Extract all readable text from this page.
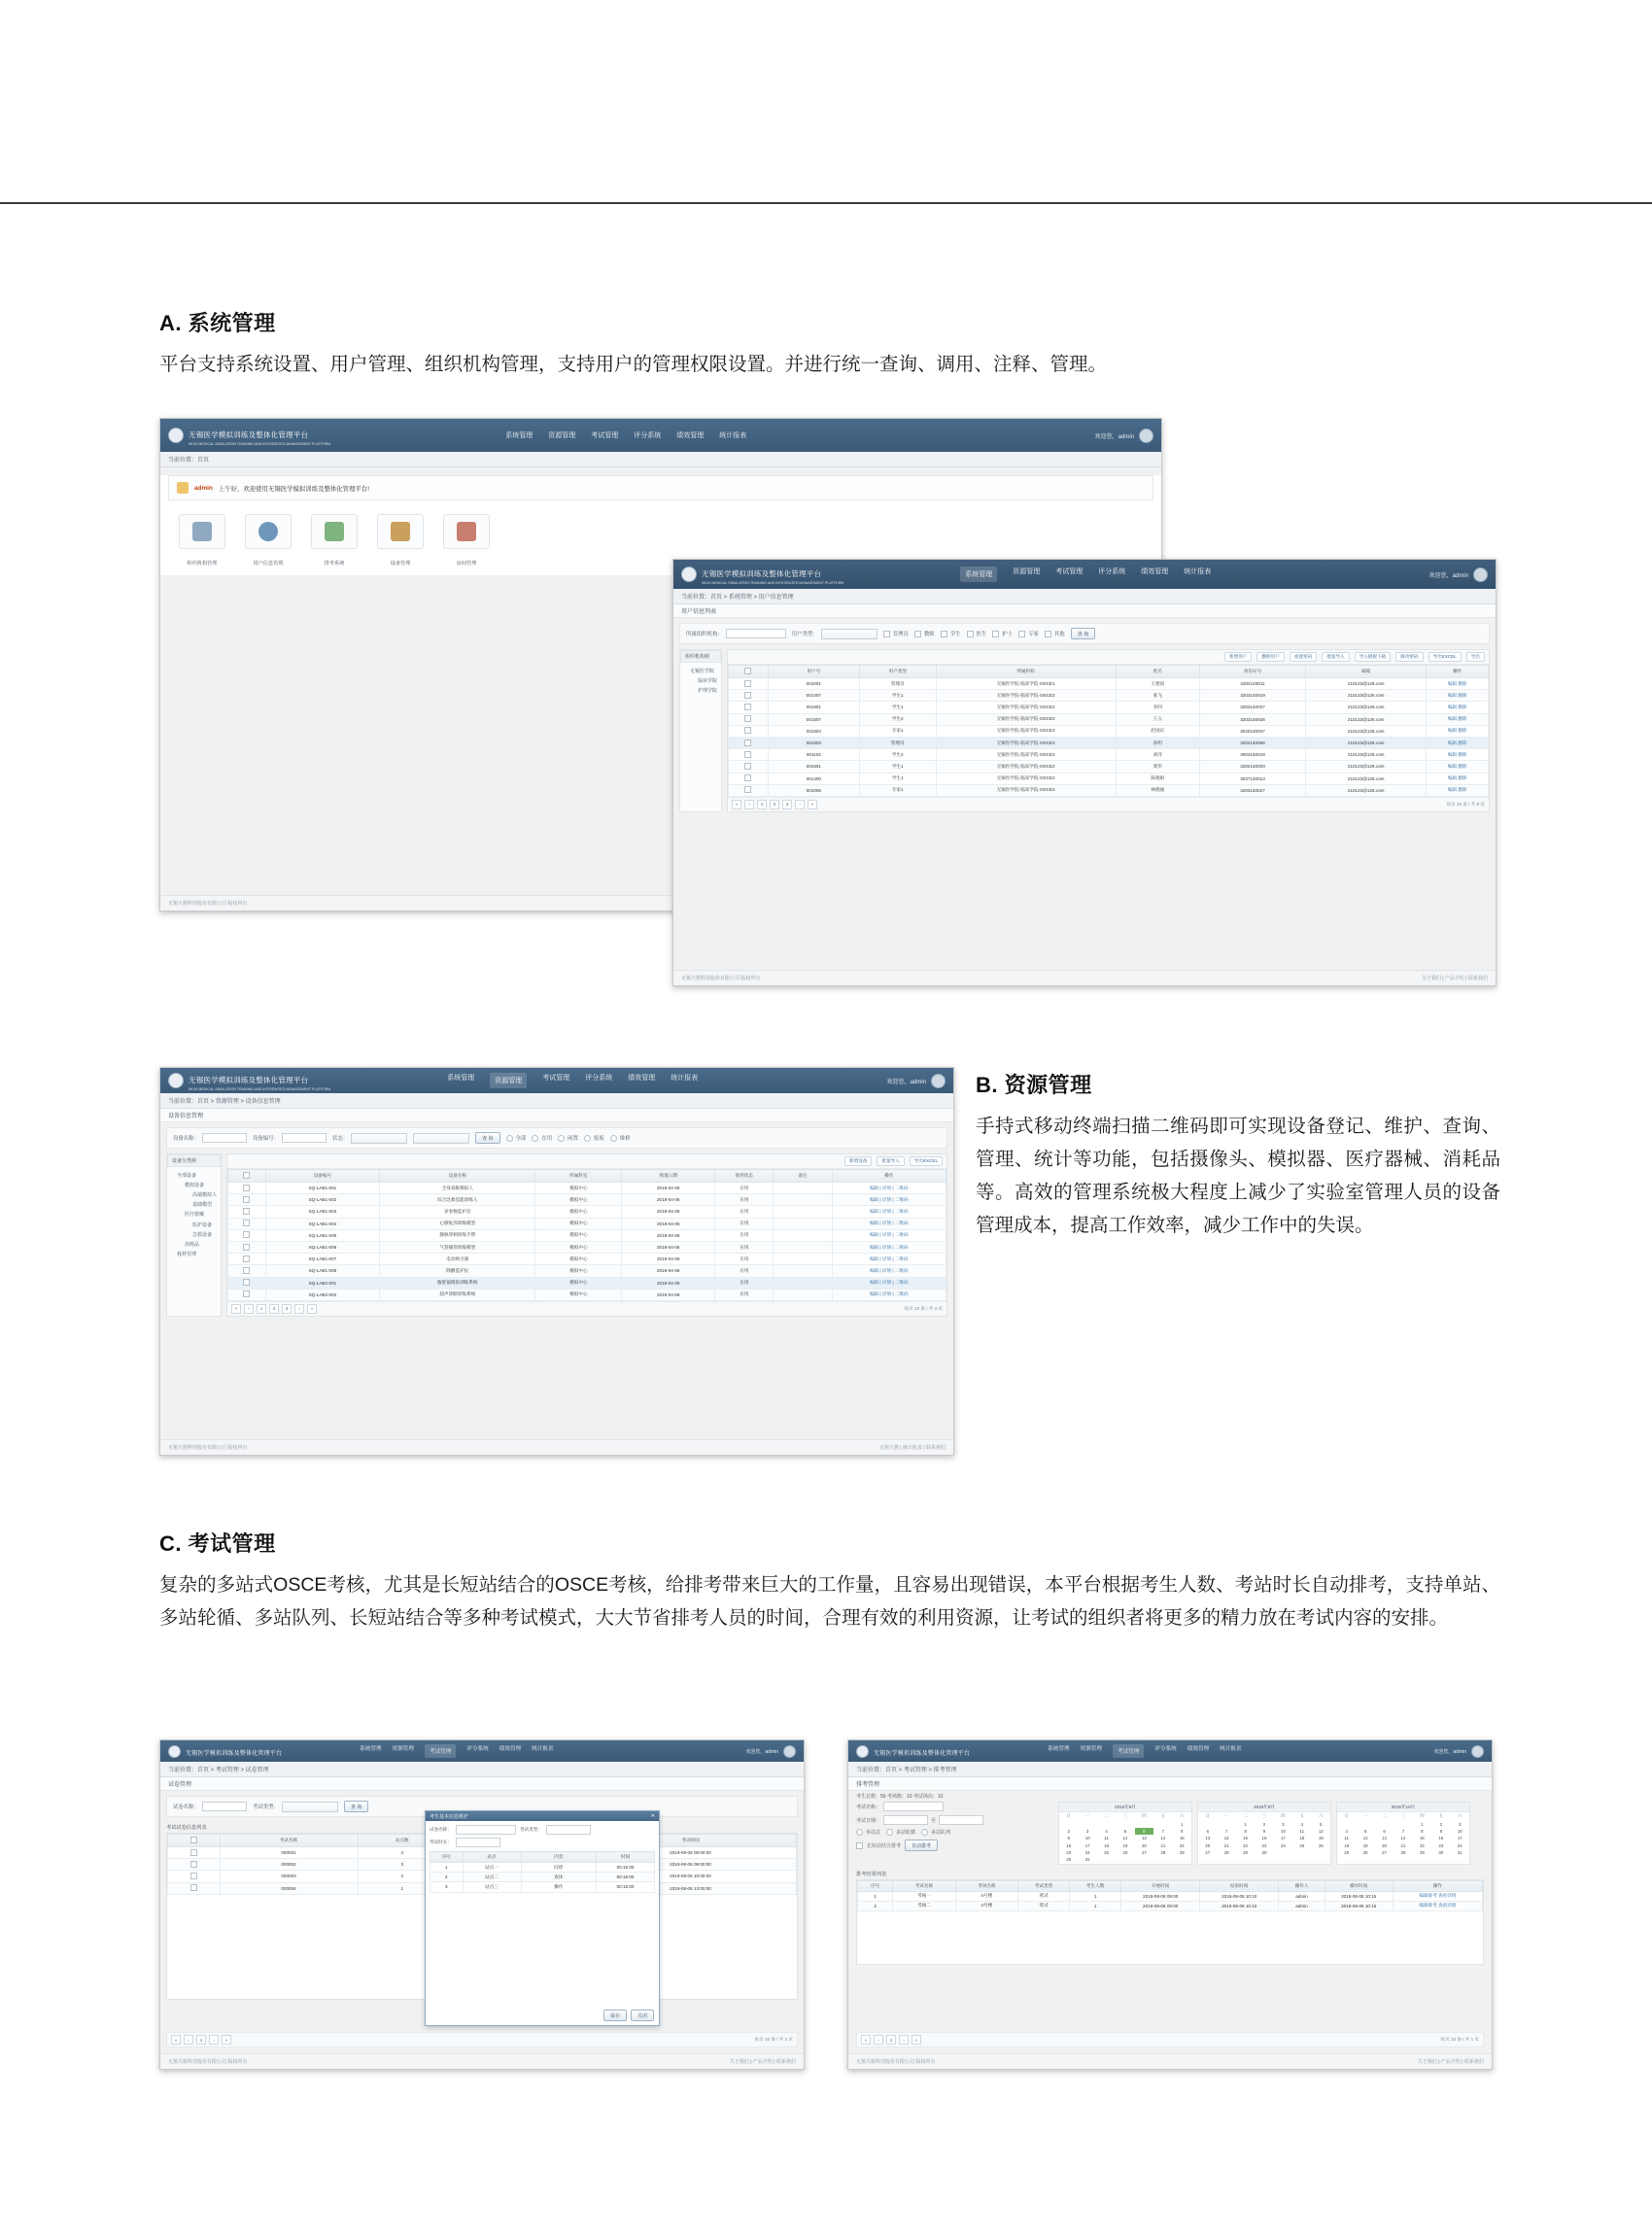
A. 系统管理
平台支持系统设置、用户管理、组织机构管理，支持用户的管理权限设置。并进行统一查询、调用、注释、管理。
无锡医学模拟训练及整体化管理平台
WUXI MEDICAL SIMULATION TRAINING AND INTEGRATED MANAGEMENT PLATFORM
系统管理 资源管理 考试管理 评分系统 绩效管理 统计报表	欢迎您，admin
当前位置：首页
admin 上午好，欢迎使用无锡医学模拟训练及整体化管理平台!
组织机构管理	用户信息管理	排考系统	设备管理	房间管理
无锡天骏科技股份有限公司 版权所有
无锡医学模拟训练及整体化管理平台
WUXI MEDICAL SIMULATION TRAINING AND INTEGRATED MANAGEMENT PLATFORM
系统管理	资源管理 考试管理 评分系统 绩效管理 统计报表
欢迎您，admin
当前位置：首页 > 系统管理 > 用户信息管理
用户信息列表
所属组织机构：	用户类型：	管理员	教师	学生	医生	护士	专家	其他	查 询
组织机构树
无锡医学院
临床学院
护理学院
新增用户	删除用户	重置密码	批量导入	导入模板下载	修改密码	导出EXCEL	导出
	用户号	用户类型	所属机构	姓名	身份证号	邮箱	操作
	001001	管理员	无锡医学院·临床学院·OSCE1	王建国	3202140011	210123@126.com	编辑 删除
	001407	学生1	无锡医学院·临床学院·OSCE2	张飞	3203140019	210123@126.com	编辑 删除
	001601	学生1	无锡医学院·临床学院·OSCE2	李四	3203140037	210123@126.com	编辑 删除
	001507	学生2	无锡医学院·临床学院·OSCE2	王五	3202140026	210123@126.com	编辑 删除
	001504	专家1	无锡医学院·临床学院·OSCE3	赵国庆	3020140047	210123@126.com	编辑 删除
	001503	管理员	无锡医学院·临床学院·OSCE2	孙明	3202140056	210123@126.com	编辑 删除
	001102	学生2	无锡医学院·临床学院·OSCE2	刘洋	3003140018	210123@126.com	编辑 删除
	001501	学生1	无锡医学院·临床学院·OSCE2	周华	3202140020	210123@126.com	编辑 删除
	001400	学生1	无锡医学院·临床学院·OSCE2	陈晓娟	3037140013	210123@126.com	编辑 删除
	001005	专家1	无锡医学院·临床学院·OSCE2	林晓丽	3203140027	210123@126.com	编辑 删除
«	‹	1	2	3	›	»	每页 10 条 / 共 8 页
无锡天骏科技股份有限公司 版权所有	关于我们 | 产品介绍 | 联系我们
B. 资源管理
手持式移动终端扫描二维码即可实现设备登记、维护、查询、管理、统计等功能，包括摄像头、模拟器、医疗器械、消耗品等。高效的管理系统极大程度上减少了实验室管理人员的设备管理成本，提高工作效率，减少工作中的失误。
无锡医学模拟训练及整体化管理平台
WUXI MEDICAL SIMULATION TRAINING AND INTEGRATED MANAGEMENT PLATFORM
系统管理	资源管理	考试管理 评分系统 绩效管理 统计报表
欢迎您，admin
当前位置：首页 > 资源管理 > 设备信息管理
设备信息管理
设备名称：	设备编号：	状态：	查 询	全部	在用	闲置	报废	维修
设备分类树
全部设备
模拟设备
高端模拟人
基础模型
医疗器械
监护设备
急救设备
消耗品
耗材管理
新增设备	批量导入	导出EXCEL
	设备编号	设备名称	所属科室	购置日期	使用状态	备注	操作
	SQ-LAB1-001	全身高级模拟人	模拟中心	2019-04-06	在用		编辑 | 详情 | 二维码
	SQ-LAB1-002	综合急救技能训练人	模拟中心	2019-04-06	在用		编辑 | 详情 | 二维码
	SQ-LAB1-003	多参数监护仪	模拟中心	2019-04-06	在用		编辑 | 详情 | 二维码
	SQ-LAB1-004	心肺复苏训练模型	模拟中心	2019-04-06	在用		编辑 | 详情 | 二维码
	SQ-LAB1-005	静脉穿刺训练手臂	模拟中心	2019-04-06	在用		编辑 | 详情 | 二维码
	SQ-LAB1-006	气管插管训练模型	模拟中心	2019-04-06	在用		编辑 | 详情 | 二维码
	SQ-LAB1-007	电动吸引器	模拟中心	2019-04-06	在用		编辑 | 详情 | 二维码
	SQ-LAB1-008	除颤监护仪	模拟中心	2019-04-06	在用		编辑 | 详情 | 二维码
	SQ-LAB2-001	腹腔镜模拟训练系统	模拟中心	2019-04-06	在用		编辑 | 详情 | 二维码
	SQ-LAB2-002	超声诊断训练系统	模拟中心	2019-04-06	在用		编辑 | 详情 | 二维码
«	‹	1	2	3	›	»	每页 10 条 / 共 3 页
无锡天骏科技股份有限公司 版权所有	无锡天骏 | 统计报表 | 联系我们
C. 考试管理
复杂的多站式OSCE考核，尤其是长短站结合的OSCE考核，给排考带来巨大的工作量，且容易出现错误，本平台根据考生人数、考站时长自动排考，支持单站、多站轮循、多站队列、长短站结合等多种考试模式，大大节省排考人员的时间，合理有效的利用资源，让考试的组织者将更多的精力放在考试内容的安排。
无锡医学模拟训练及整体化管理平台
系统管理 资源管理	考试管理	评分系统 绩效管理 统计报表	欢迎您，admin
当前位置：首页 > 考试管理 > 试卷管理
试卷管理
试卷名称：	考试类型：	查 询
考试试卷信息列表
	考试名称	站点数		考试时间
	000001	4		2019-08-06 08:00:00
	000002	3		2019-08-06 09:00:00
	000003	2		2019-08-06 10:00:00
	000004	1		2019-08-06 13:00:00
考生基本信息维护	✕
试卷名称：	考试类型：
考试时长：
序号	站点	内容	时间
1	站点一	问诊	00:15:00
2	站点二	查体	00:15:00
3	站点三	操作	00:15:00
保存	关闭
«	‹	1	›	»	每页 10 条 / 共 1 页
无锡天骏科技股份有限公司 版权所有	关于我们 | 产品介绍 | 联系我们
无锡医学模拟训练及整体化管理平台
系统管理 资源管理	考试管理	评分系统 绩效管理 统计报表	欢迎您，admin
当前位置：首页 > 考试管理 > 排考管理
排考管理
考生总数：50 考场数：10 考试场次：10
考试名称：
考试日期：	至
单站式	多站轮循	多站队列
长短站结合排考	自动排考
2015年8月
日	一	二	三	四	五	六
						1
2	3	4	5	6	7	8
9	10	11	12	13	14	15
16	17	18	19	20	21	22
23	24	25	26	27	28	29
30	31					
2015年9月
日	一	二	三	四	五	六
		1	2	3	4	5
6	7	8	9	10	11	12
13	14	15	16	17	18	19
20	21	22	23	24	25	26
27	28	29	30			
2015年10月
日	一	二	三	四	五	六
				1	2	3
4	5	6	7	8	9	10
11	12	13	14	15	16	17
18	19	20	21	22	23	24
25	26	27	28	29	30	31
排考结果列表
序号	考试名称	考场名称	考试类型	考生人数	开始时间	结束时间	操作人	操作时间	操作
1	考核一	4号楼	笔试	1	2019-08-06 09:00	2019-08-06 10:10	admin	2019-08-06 10:15	编辑排考 查看详情
2	考核二	4号楼	笔试	1	2019-08-06 09:00	2019-08-06 10:10	admin	2019-08-06 10:15	编辑排考 查看详情
«	‹	1	›	»	每页 10 条 / 共 1 页
无锡天骏科技股份有限公司 版权所有	关于我们 | 产品介绍 | 联系我们
